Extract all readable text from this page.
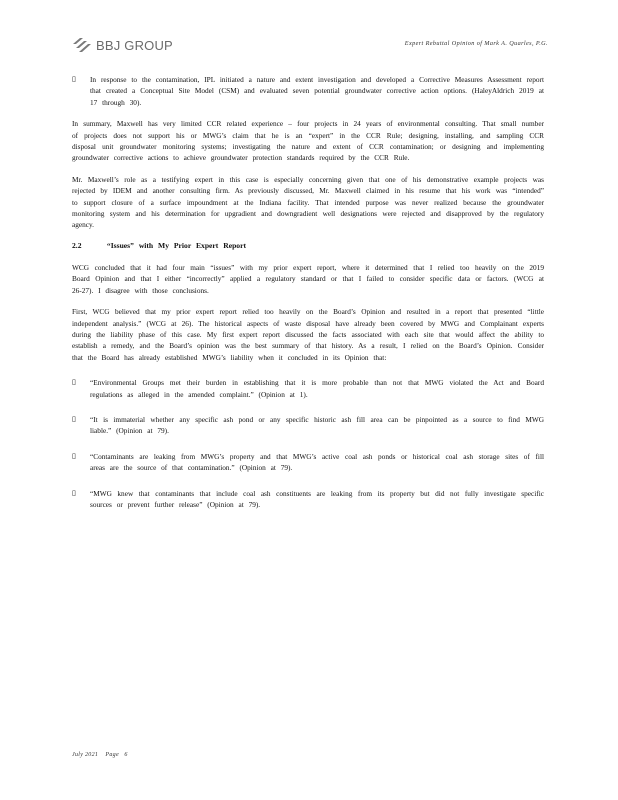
BBJ GROUP	Expert Rebuttal Opinion of Mark A. Quarles, P.G.
▯ In response to the contamination, IPL initiated a nature and extent investigation and developed a Corrective Measures Assessment report that created a Conceptual Site Model (CSM) and evaluated seven potential groundwater corrective action options. (HaleyAldrich 2019 at 17 through 30).

In summary, Maxwell has very limited CCR related experience – four projects in 24 years of environmental consulting. That small number of projects does not support his or MWG’s claim that he is an “expert” in the CCR Rule; designing, installing, and sampling CCR disposal unit groundwater monitoring systems; investigating the nature and extent of CCR contamination; or designing and implementing groundwater corrective actions to achieve groundwater protection standards required by the CCR Rule.

Mr. Maxwell’s role as a testifying expert in this case is especially concerning given that one of his demonstrative example projects was rejected by IDEM and another consulting firm. As previously discussed, Mr. Maxwell claimed in his resume that his work was “intended” to support closure of a surface impoundment at the Indiana facility. That intended purpose was never realized because the groundwater monitoring system and his determination for upgradient and downgradient well designations were rejected and disapproved by the regulatory agency.

2.2	“Issues” with My Prior Expert Report

WCG concluded that it had four main “issues” with my prior expert report, where it determined that I relied too heavily on the 2019 Board Opinion and that I either “incorrectly” applied a regulatory standard or that I failed to consider specific data or factors. (WCG at 26-27). I disagree with those conclusions.

First, WCG believed that my prior expert report relied too heavily on the Board’s Opinion and resulted in a report that presented “little independent analysis.” (WCG at 26). The historical aspects of waste disposal have already been covered by MWG and Complainant experts during the liability phase of this case. My first expert report discussed the facts associated with each site that would affect the ability to establish a remedy, and the Board’s opinion was the best summary of that history. As a result, I relied on the Board’s Opinion. Consider that the Board has already established MWG’s liability when it concluded in its Opinion that:

▯ “Environmental Groups met their burden in establishing that it is more probable than not that MWG violated the Act and Board regulations as alleged in the amended complaint.” (Opinion at 1).

▯ “It is immaterial whether any specific ash pond or any specific historic ash fill area can be pinpointed as a source to find MWG liable.” (Opinion at 79).

▯ “Contaminants are leaking from MWG’s property and that MWG’s active coal ash ponds or historical coal ash storage sites of fill areas are the source of that contamination.” (Opinion at 79).

▯ “MWG knew that contaminants that include coal ash constituents are leaking from its property but did not fully investigate specific sources or prevent further release” (Opinion at 79).

July 2021 Page 6
